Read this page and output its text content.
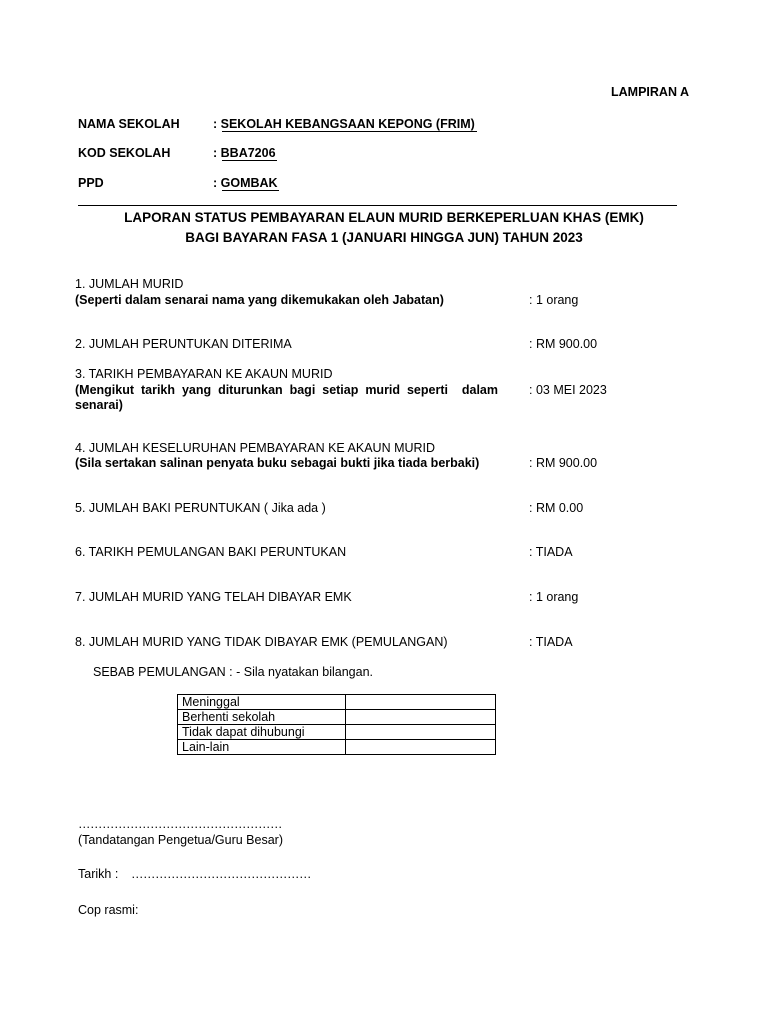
LAMPIRAN A
NAMA SEKOLAH	: SEKOLAH KEBANGSAAN KEPONG (FRIM)
KOD SEKOLAH	: BBA7206
PPD	: GOMBAK
LAPORAN STATUS PEMBAYARAN ELAUN MURID BERKEPERLUAN KHAS (EMK)
BAGI BAYARAN FASA 1 (JANUARI HINGGA JUN) TAHUN 2023
1. JUMLAH MURID
(Seperti dalam senarai nama yang dikemukakan oleh Jabatan)	: 1 orang
2. JUMLAH PERUNTUKAN DITERIMA	: RM 900.00
3. TARIKH PEMBAYARAN KE AKAUN MURID
(Mengikut  tarikh  yang  diturunkan  bagi  setiap  murid  seperti    dalam
senarai)
: 03 MEI 2023
4. JUMLAH KESELURUHAN PEMBAYARAN KE AKAUN MURID
(Sila sertakan salinan penyata buku sebagai bukti jika tiada berbaki)	: RM 900.00
5. JUMLAH BAKI PERUNTUKAN ( Jika ada )	: RM 0.00
6. TARIKH PEMULANGAN BAKI PERUNTUKAN	: TIADA
7. JUMLAH MURID YANG TELAH DIBAYAR EMK	: 1 orang
8. JUMLAH MURID YANG TIDAK DIBAYAR EMK (PEMULANGAN)	: TIADA
SEBAB PEMULANGAN : - Sila nyatakan bilangan.
Meninggal	
Berhenti sekolah	
Tidak dapat dihubungi	
Lain-lain	
……………………………………………
(Tandatangan Pengetua/Guru Besar)
Tarikh : ………………………………………
Cop rasmi:
